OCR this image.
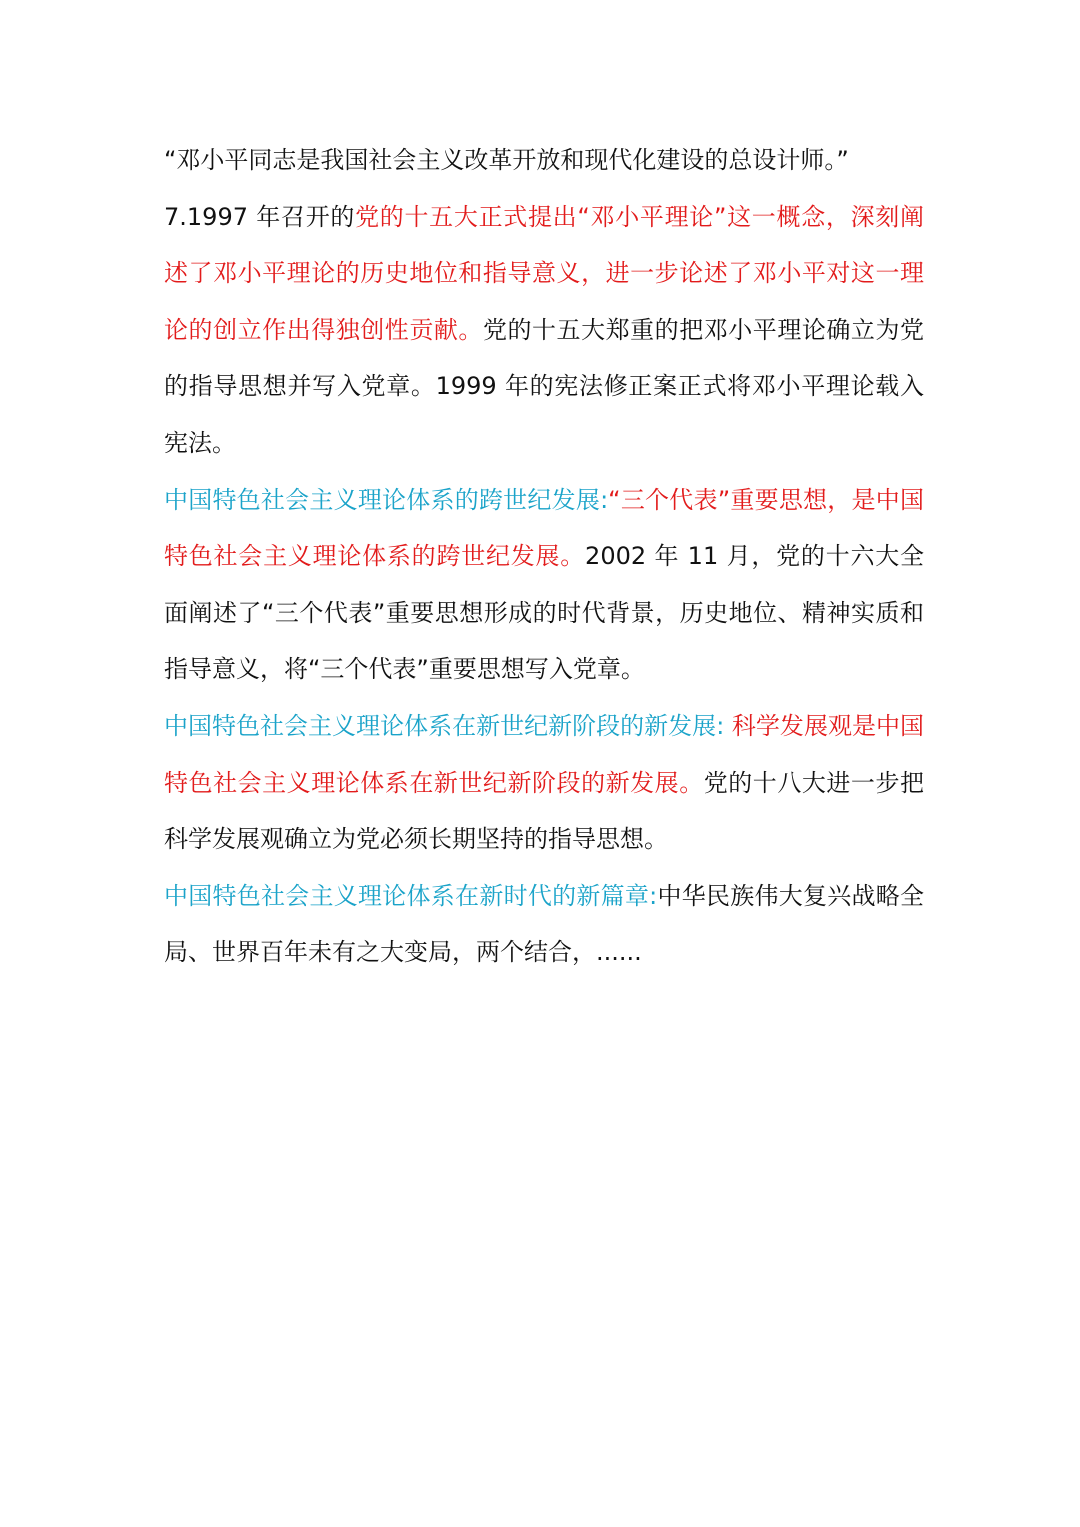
“邓小平同志是我国社会主义改革开放和现代化建设的总设计师。”

7.1997 年召开的党的十五大正式提出“邓小平理论”这一概念，深刻阐述了邓小平理论的历史地位和指导意义，进一步论述了邓小平对这一理论的创立作出得独创性贡献。党的十五大郑重的把邓小平理论确立为党的指导思想并写入党章。1999 年的宪法修正案正式将邓小平理论载入宪法。

中国特色社会主义理论体系的跨世纪发展:“三个代表”重要思想，是中国特色社会主义理论体系的跨世纪发展。2002 年 11 月，党的十六大全面阐述了“三个代表”重要思想形成的时代背景，历史地位、精神实质和指导意义，将“三个代表”重要思想写入党章。

中国特色社会主义理论体系在新世纪新阶段的新发展: 科学发展观是中国特色社会主义理论体系在新世纪新阶段的新发展。党的十八大进一步把科学发展观确立为党必须长期坚持的指导思想。

中国特色社会主义理论体系在新时代的新篇章:中华民族伟大复兴战略全局、世界百年未有之大变局，两个结合，......
